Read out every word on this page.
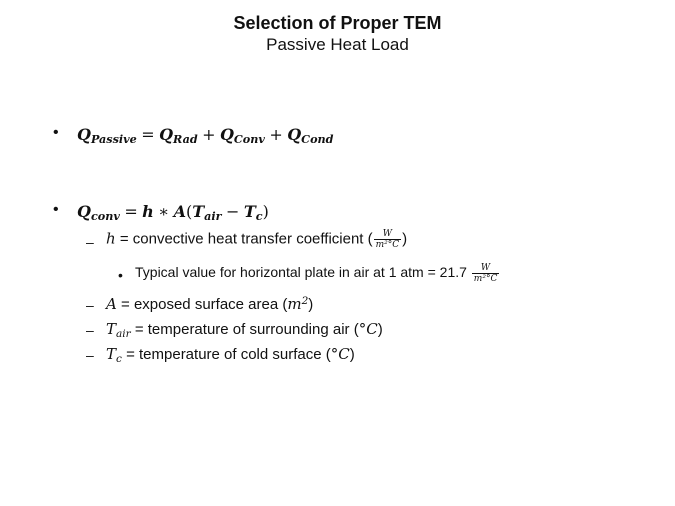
Selection of Proper TEM
Passive Heat Load
• $Q_{Passive} = Q_{Rad} + Q_{Conv} + Q_{Cond}$
• $Q_{conv} = h$ ∗ $A(T_{air} - T_c)$
– h = convective heat transfer coefficient ( $\frac{W}{\text{m²°C}}$ )
• Typical value for horizontal plate in air at 1 atm = $21.7 \frac{W}{\text{m²°C}}$
– A = exposed surface area $(m^2)$
– $T_{air}$ = temperature of surrounding air (°C)
– $T_c$ = temperature of cold surface (°C)
